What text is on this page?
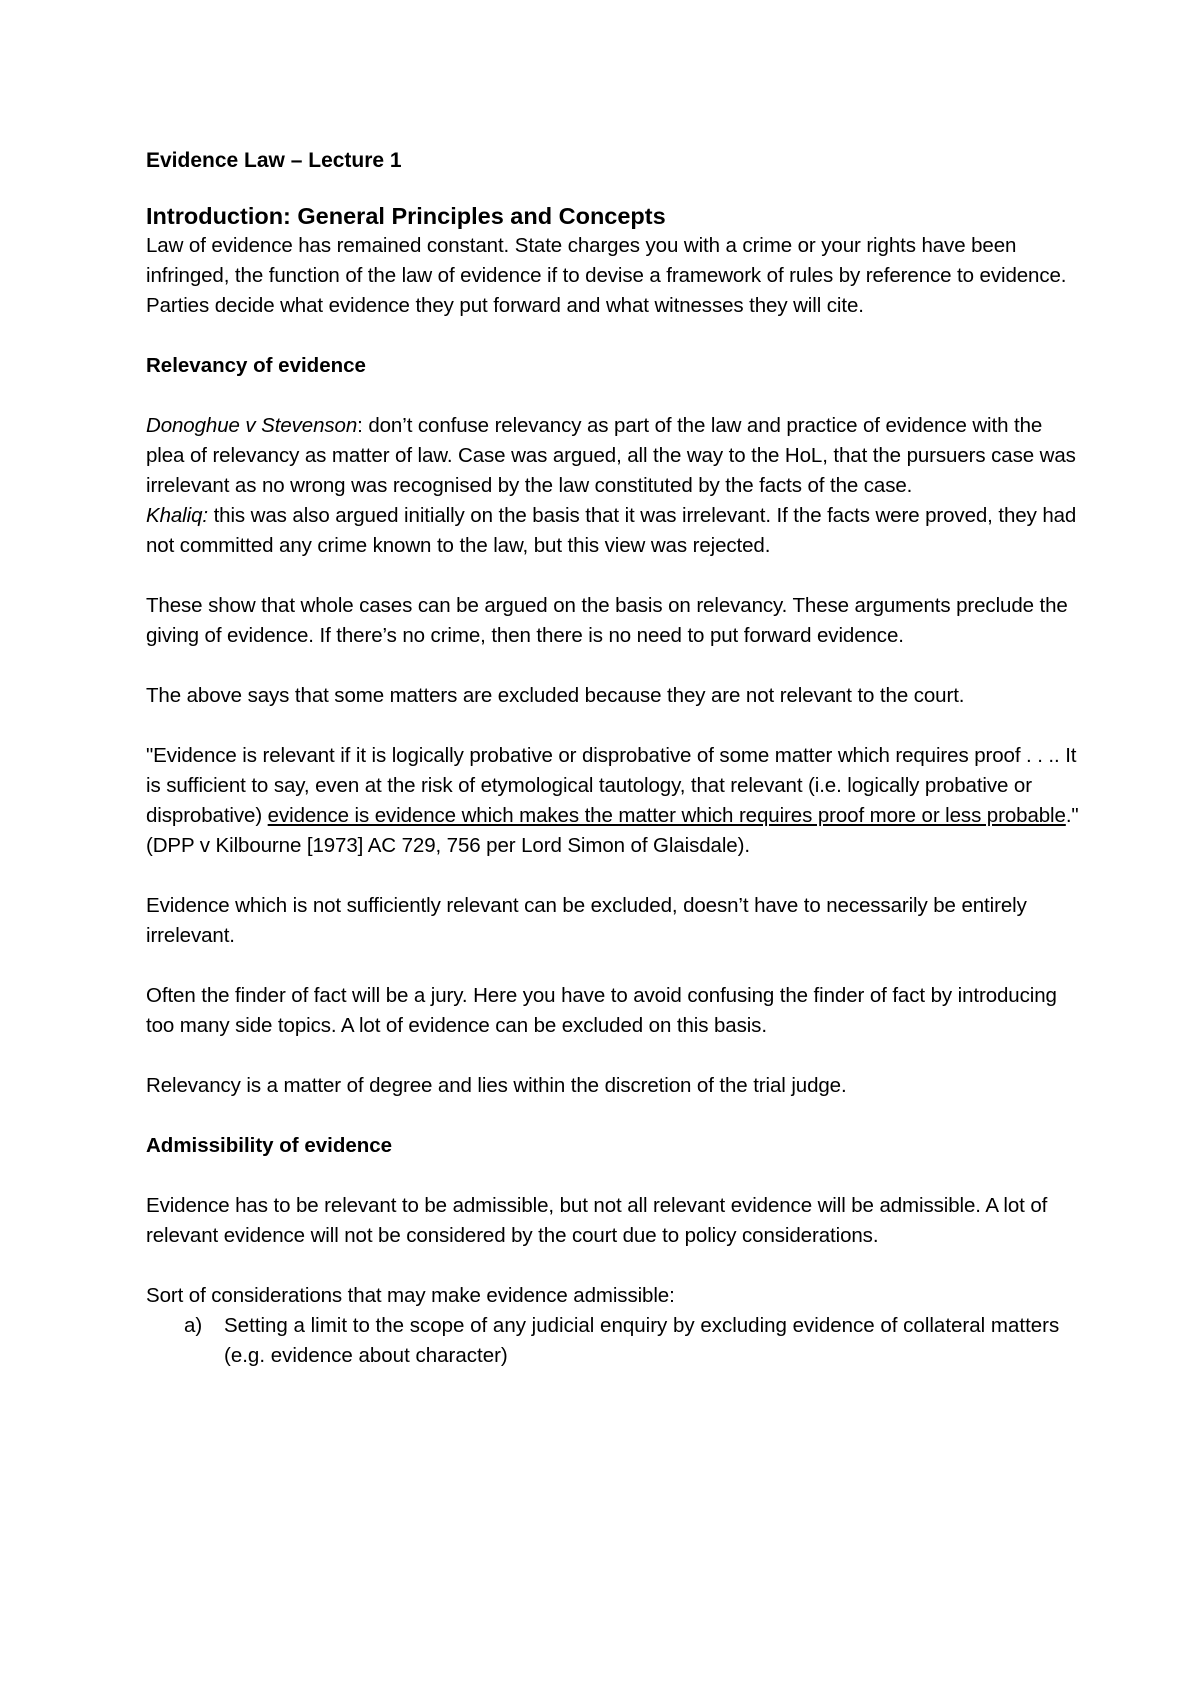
Evidence Law – Lecture 1
Introduction: General Principles and Concepts

Law of evidence has remained constant. State charges you with a crime or your rights have been infringed, the function of the law of evidence if to devise a framework of rules by reference to evidence. Parties decide what evidence they put forward and what witnesses they will cite.

Relevancy of evidence

Donoghue v Stevenson: don’t confuse relevancy as part of the law and practice of evidence with the plea of relevancy as matter of law. Case was argued, all the way to the HoL, that the pursuers case was irrelevant as no wrong was recognised by the law constituted by the facts of the case.

Khaliq: this was also argued initially on the basis that it was irrelevant. If the facts were proved, they had not committed any crime known to the law, but this view was rejected.

These show that whole cases can be argued on the basis on relevancy. These arguments preclude the giving of evidence. If there’s no crime, then there is no need to put forward evidence.

The above says that some matters are excluded because they are not relevant to the court.

"Evidence is relevant if it is logically probative or disprobative of some matter which requires proof . . .. It is sufficient to say, even at the risk of etymological tautology, that relevant (i.e. logically probative or disprobative) evidence is evidence which makes the matter which requires proof more or less probable." (DPP v Kilbourne [1973] AC 729, 756 per Lord Simon of Glaisdale).

Evidence which is not sufficiently relevant can be excluded, doesn’t have to necessarily be entirely irrelevant.

Often the finder of fact will be a jury. Here you have to avoid confusing the finder of fact by introducing too many side topics. A lot of evidence can be excluded on this basis.

Relevancy is a matter of degree and lies within the discretion of the trial judge.

Admissibility of evidence

Evidence has to be relevant to be admissible, but not all relevant evidence will be admissible. A lot of relevant evidence will not be considered by the court due to policy considerations.

Sort of considerations that may make evidence admissible:

a)	Setting a limit to the scope of any judicial enquiry by excluding evidence of collateral matters (e.g. evidence about character)
